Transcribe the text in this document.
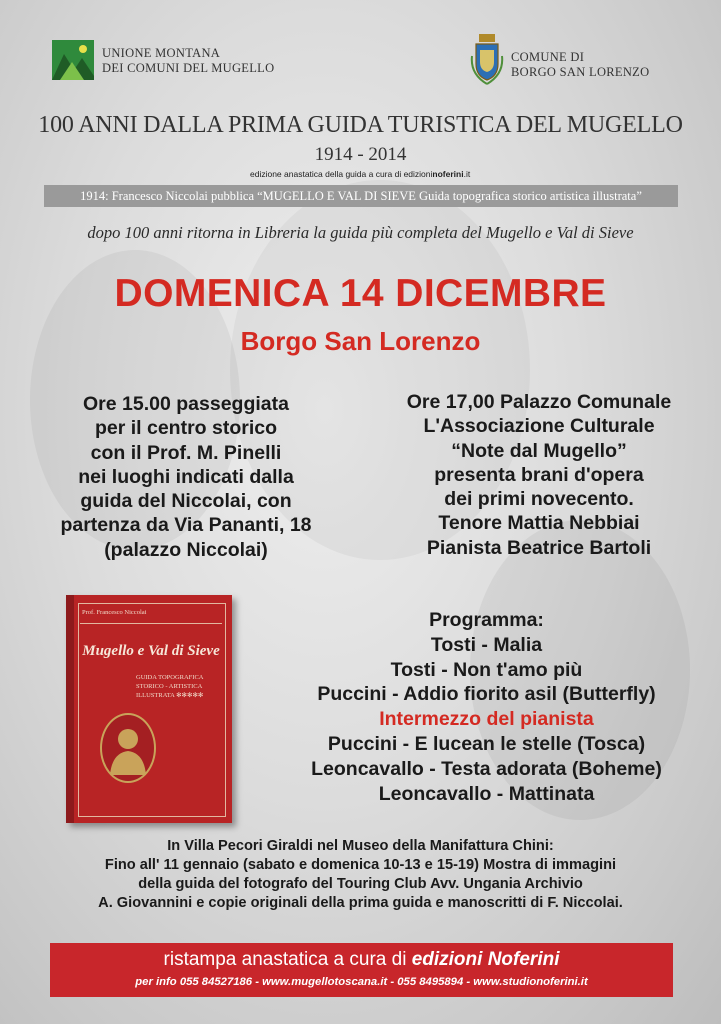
UNIONE MONTANA
DEI COMUNI DEL MUGELLO
COMUNE DI
BORGO SAN LORENZO
100 ANNI DALLA PRIMA GUIDA TURISTICA DEL MUGELLO
1914 - 2014
edizione anastatica della guida a cura di edizioninoferini.it
1914: Francesco Niccolai pubblica “MUGELLO E VAL DI SIEVE Guida topografica storico artistica illustrata”
dopo 100 anni ritorna in Libreria la guida più completa del Mugello e Val di Sieve
DOMENICA 14 DICEMBRE
Borgo San Lorenzo
Ore 15.00 passeggiata
per il centro storico
con il Prof. M. Pinelli
nei luoghi indicati dalla
guida del Niccolai, con
partenza da Via Pananti, 18
(palazzo Niccolai)
Ore 17,00 Palazzo Comunale
L'Associazione Culturale
“Note dal Mugello”
presenta brani d'opera
dei primi novecento.
Tenore Mattia Nebbiai
Pianista Beatrice Bartoli
Prof. Francesco Niccolai
Mugello e Val di Sieve
GUIDA TOPOGRAFICA
STORICO - ARTISTICA
ILLUSTRATA ✻✻✻✻✻
Programma:
Tosti - Malia
Tosti - Non t'amo più
Puccini - Addio fiorito asil (Butterfly)
Intermezzo del pianista
Puccini - E lucean le stelle (Tosca)
Leoncavallo - Testa adorata (Boheme)
Leoncavallo - Mattinata
In Villa Pecori Giraldi nel Museo della Manifattura Chini:
Fino all' 11 gennaio (sabato e domenica 10-13 e 15-19) Mostra di immagini
della guida del fotografo del Touring Club Avv. Ungania Archivio
A. Giovannini e copie originali della prima guida e manoscritti di F. Niccolai.
ristampa anastatica a cura di edizioni Noferini
per info 055 84527186 - www.mugellotoscana.it - 055 8495894 - www.studionoferini.it
